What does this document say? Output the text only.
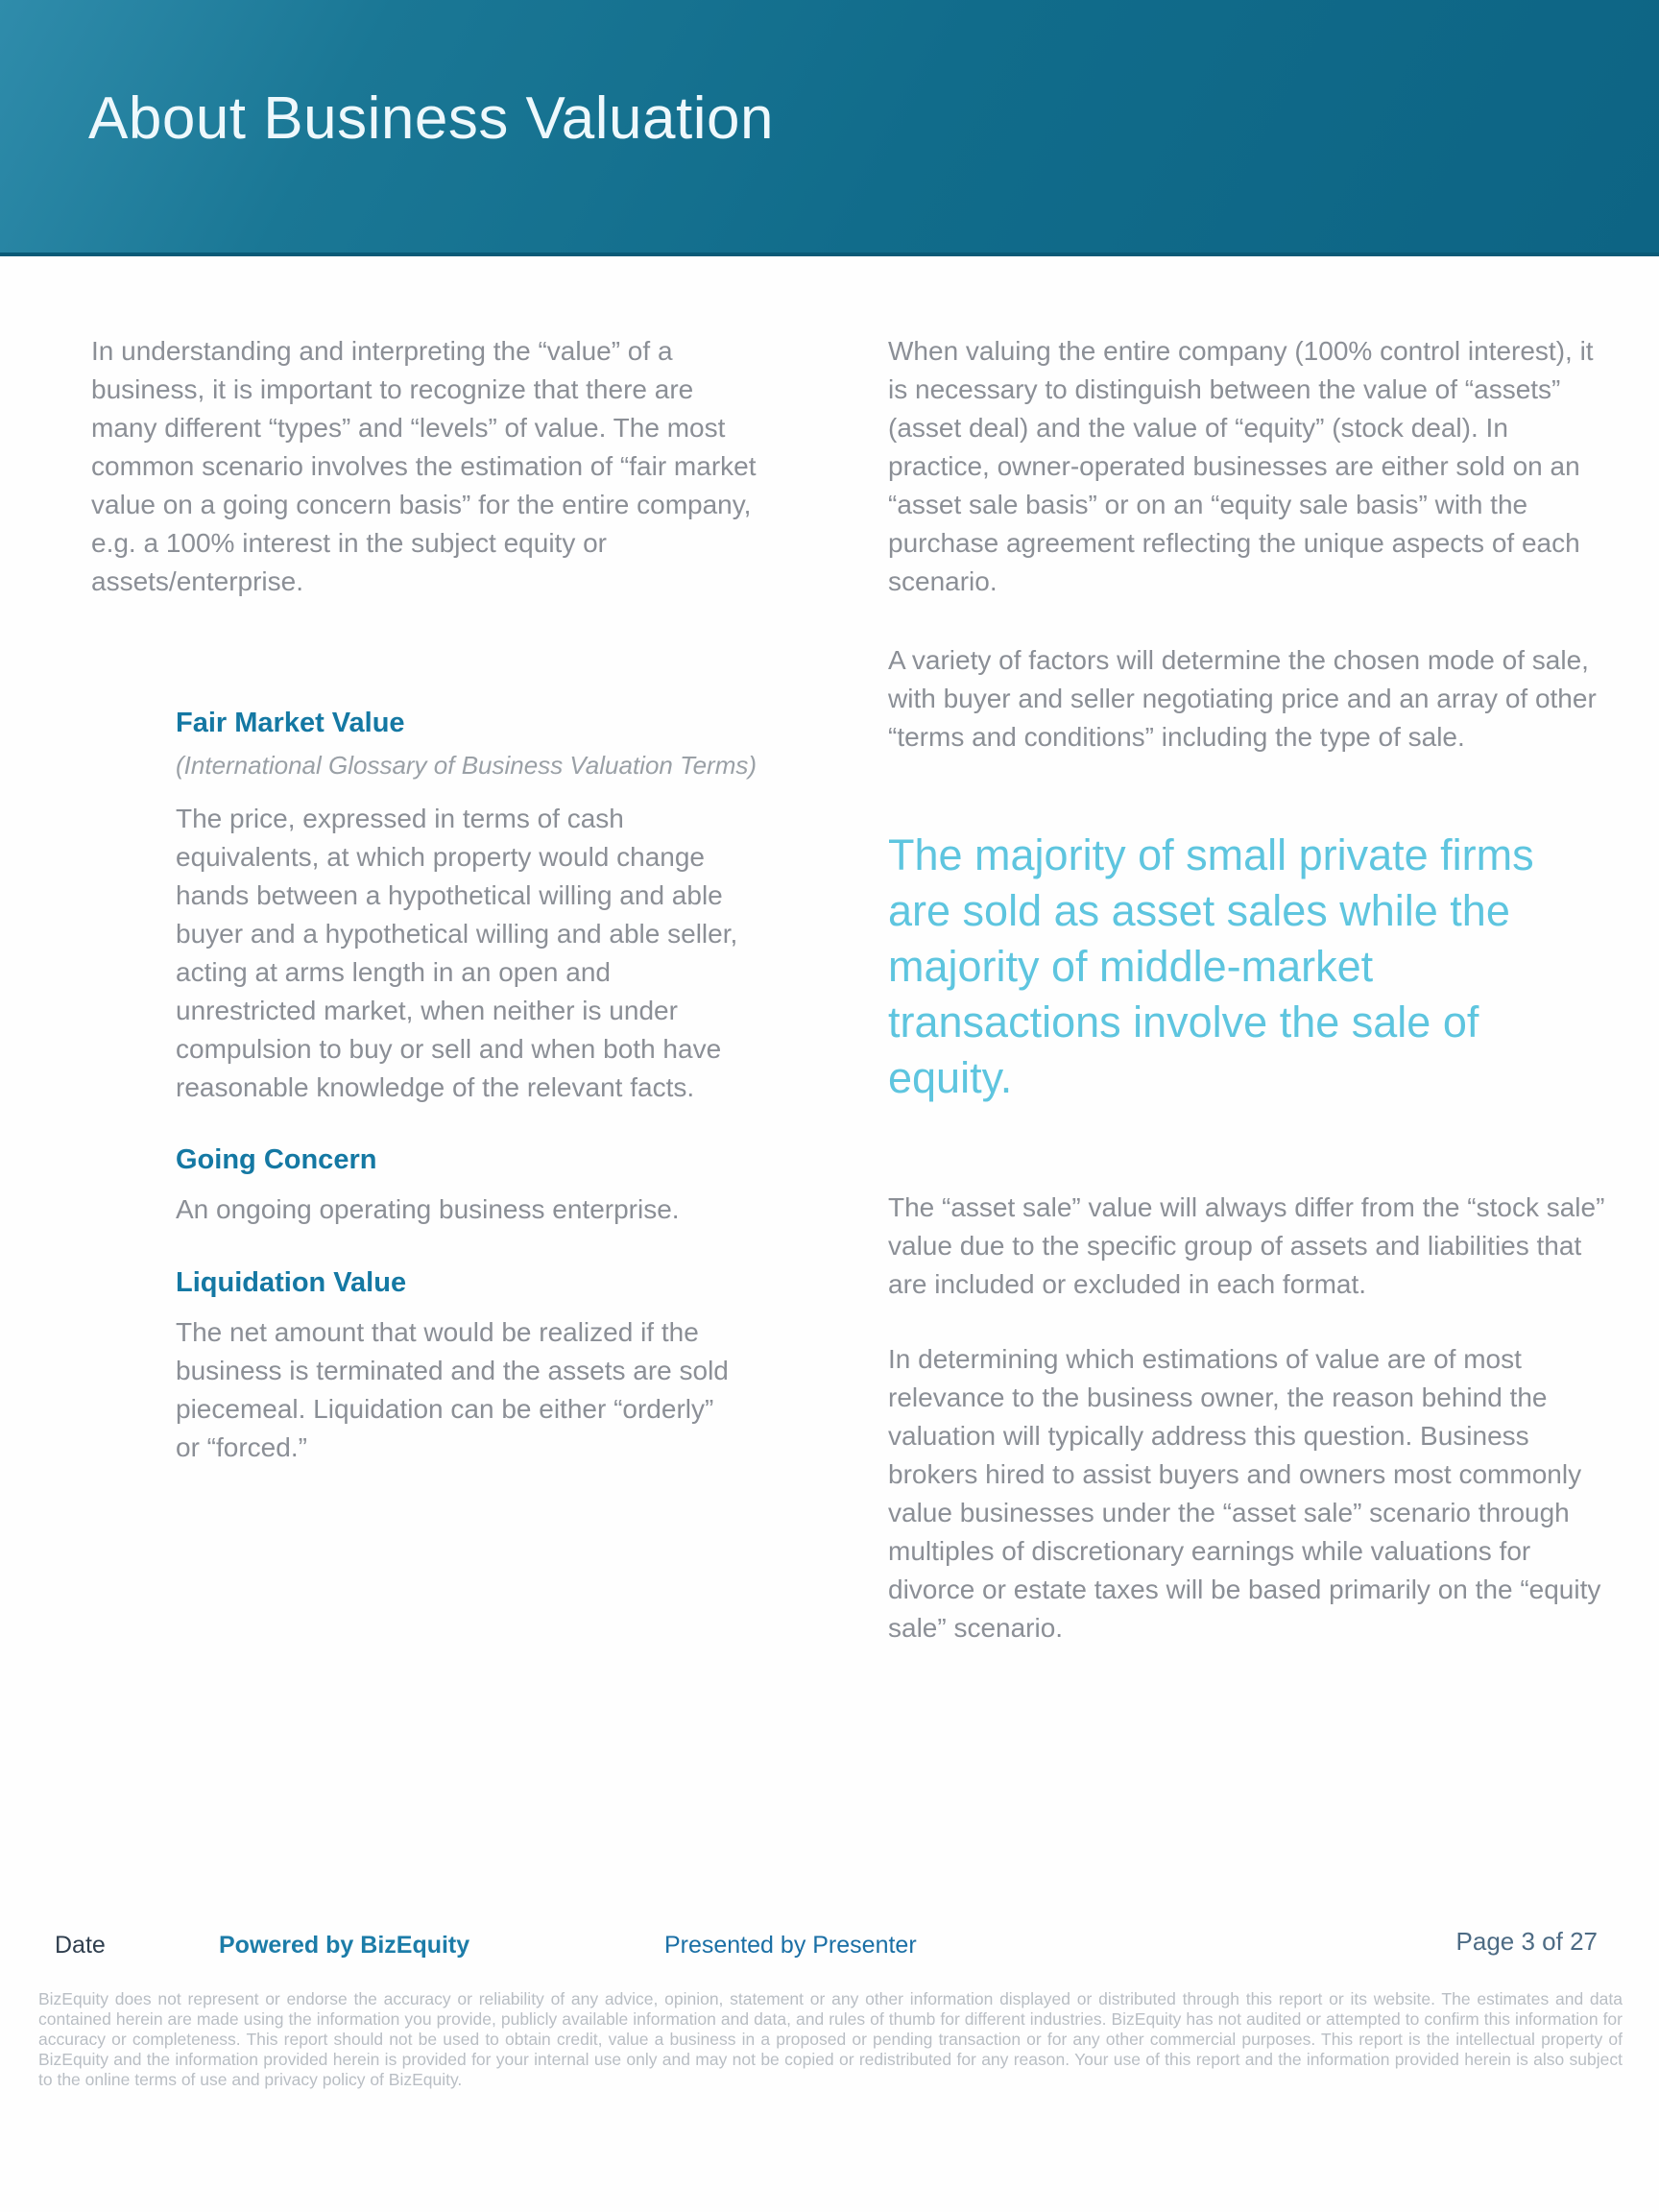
About Business Valuation

In understanding and interpreting the “value” of a business, it is important to recognize that there are many different “types” and “levels” of value. The most common scenario involves the estimation of “fair market value on a going concern basis” for the entire company, e.g. a 100% interest in the subject equity or assets/enterprise.

Fair Market Value
(International Glossary of Business Valuation Terms)

The price, expressed in terms of cash equivalents, at which property would change hands between a hypothetical willing and able buyer and a hypothetical willing and able seller, acting at arms length in an open and unrestricted market, when neither is under compulsion to buy or sell and when both have reasonable knowledge of the relevant facts.

Going Concern

An ongoing operating business enterprise.

Liquidation Value

The net amount that would be realized if the business is terminated and the assets are sold piecemeal. Liquidation can be either “orderly” or “forced.”

When valuing the entire company (100% control interest), it is necessary to distinguish between the value of “assets” (asset deal) and the value of “equity” (stock deal). In practice, owner-operated businesses are either sold on an “asset sale basis” or on an “equity sale basis” with the purchase agreement reflecting the unique aspects of each scenario.

A variety of factors will determine the chosen mode of sale, with buyer and seller negotiating price and an array of other “terms and conditions” including the type of sale.

The majority of small private firms are sold as asset sales while the majority of middle-market transactions involve the sale of equity.

The “asset sale” value will always differ from the “stock sale” value due to the specific group of assets and liabilities that are included or excluded in each format.

In determining which estimations of value are of most relevance to the business owner, the reason behind the valuation will typically address this question. Business brokers hired to assist buyers and owners most commonly value businesses under the “asset sale” scenario through multiples of discretionary earnings while valuations for divorce or estate taxes will be based primarily on the “equity sale” scenario.

Date	Powered by BizEquity	Presented by Presenter	Page 3 of 27
BizEquity does not represent or endorse the accuracy or reliability of any advice, opinion, statement or any other information displayed or distributed through this report or its website. The estimates and data contained herein are made using the information you provide, publicly available information and data, and rules of thumb for different industries. BizEquity has not audited or attempted to confirm this information for accuracy or completeness. This report should not be used to obtain credit, value a business in a proposed or pending transaction or for any other commercial purposes. This report is the intellectual property of BizEquity and the information provided herein is provided for your internal use only and may not be copied or redistributed for any reason. Your use of this report and the information provided herein is also subject to the online terms of use and privacy policy of BizEquity.
